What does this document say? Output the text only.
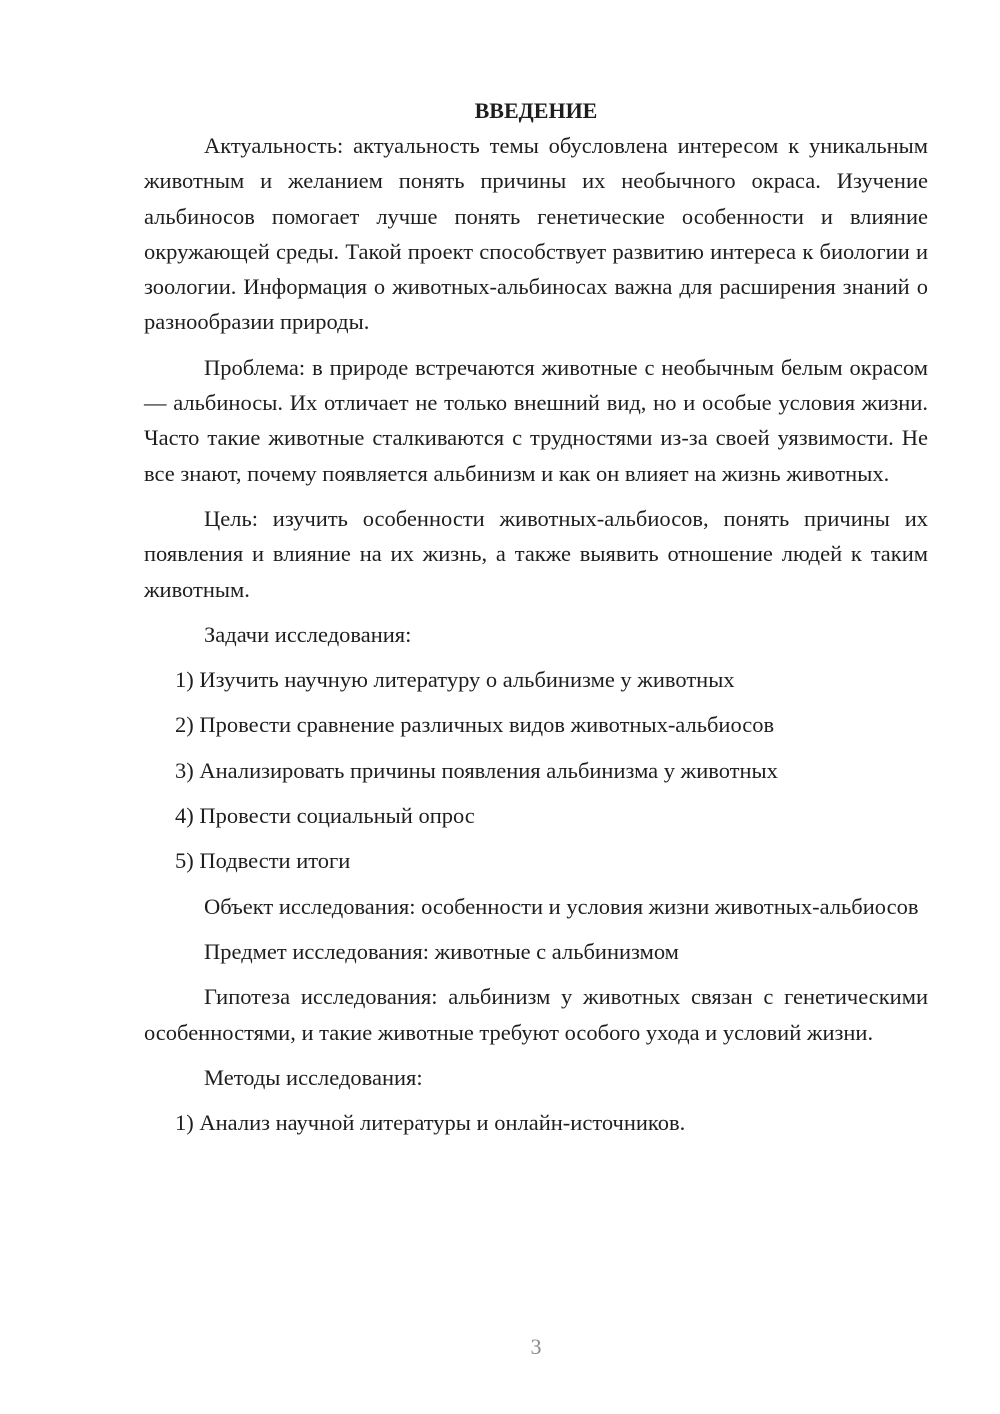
ВВЕДЕНИЕ

Актуальность: актуальность темы обусловлена интересом к уникальным животным и желанием понять причины их необычного окраса. Изучение альбиносов помогает лучше понять генетические особенности и влияние окружающей среды. Такой проект способствует развитию интереса к биологии и зоологии. Информация о животных-альбиносах важна для расширения знаний о разнообразии природы.

Проблема: в природе встречаются животные с необычным белым окрасом — альбиносы. Их отличает не только внешний вид, но и особые условия жизни. Часто такие животные сталкиваются с трудностями из-за своей уязвимости. Не все знают, почему появляется альбинизм и как он влияет на жизнь животных.

Цель: изучить особенности животных-альбиосов, понять причины их появления и влияние на их жизнь, а также выявить отношение людей к таким животным.

Задачи исследования:

1) Изучить научную литературу о альбинизме у животных

2) Провести сравнение различных видов животных-альбиосов

3) Анализировать причины появления альбинизма у животных

4) Провести социальный опрос

5) Подвести итоги

Объект исследования: особенности и условия жизни животных-альбиосов

Предмет исследования: животные с альбинизмом

Гипотеза исследования: альбинизм у животных связан с генетическими особенностями, и такие животные требуют особого ухода и условий жизни.

Методы исследования:

1) Анализ научной литературы и онлайн-источников.

3
